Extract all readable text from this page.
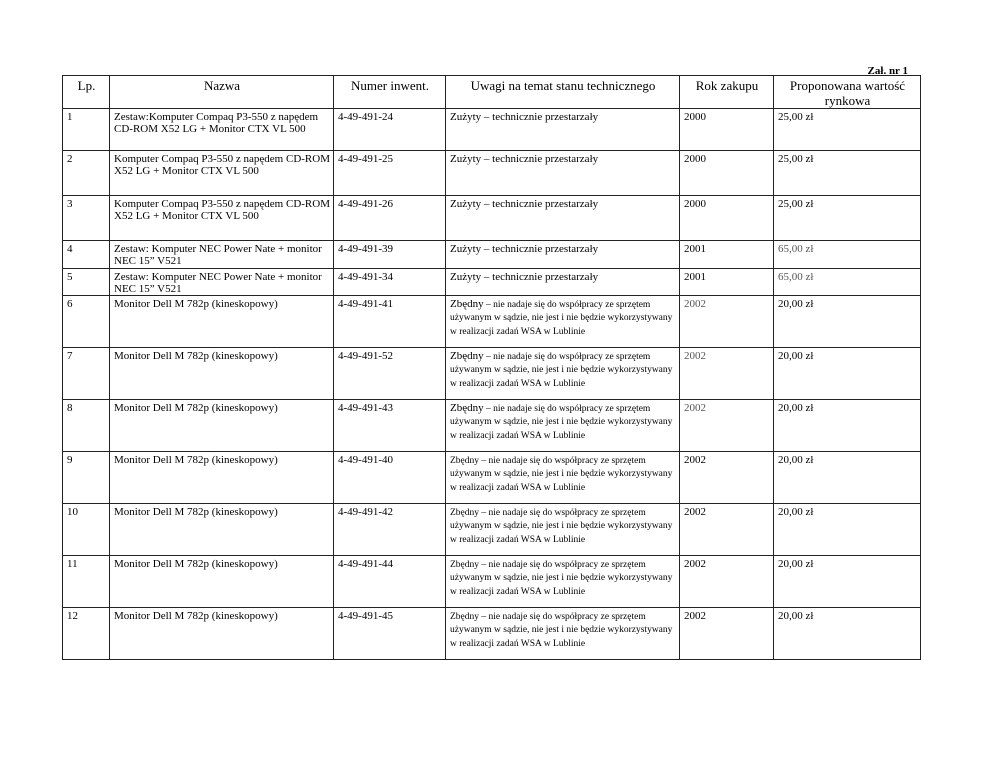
Zał. nr 1
Lp.	Nazwa	Numer inwent.	Uwagi na temat stanu technicznego	Rok zakupu	Proponowana wartość rynkowa
1	Zestaw:Komputer Compaq P3-550 z napędem CD-ROM X52 LG + Monitor CTX VL 500	4-49-491-24	Zużyty – technicznie przestarzały	2000	25,00 zł
2	Komputer Compaq P3-550 z napędem CD-ROM X52 LG + Monitor CTX VL 500	4-49-491-25	Zużyty – technicznie przestarzały	2000	25,00 zł
3	Komputer Compaq P3-550 z napędem CD-ROM X52 LG + Monitor CTX VL 500	4-49-491-26	Zużyty – technicznie przestarzały	2000	25,00 zł
4	Zestaw: Komputer NEC Power Nate + monitor NEC 15” V521	4-49-491-39	Zużyty – technicznie przestarzały	2001	65,00 zł
5	Zestaw: Komputer NEC Power Nate + monitor NEC 15” V521	4-49-491-34	Zużyty – technicznie przestarzały	2001	65,00 zł
6	Monitor Dell M 782p (kineskopowy)	4-49-491-41	Zbędny – nie nadaje się do współpracy ze sprzętem używanym w sądzie, nie jest i nie będzie wykorzystywany w realizacji zadań WSA w Lublinie	2002	20,00 zł
7	Monitor Dell M 782p (kineskopowy)	4-49-491-52	Zbędny – nie nadaje się do współpracy ze sprzętem używanym w sądzie, nie jest i nie będzie wykorzystywany w realizacji zadań WSA w Lublinie	2002	20,00 zł
8	Monitor Dell M 782p (kineskopowy)	4-49-491-43	Zbędny – nie nadaje się do współpracy ze sprzętem używanym w sądzie, nie jest i nie będzie wykorzystywany w realizacji zadań WSA w Lublinie	2002	20,00 zł
9	Monitor Dell M 782p (kineskopowy)	4-49-491-40	Zbędny – nie nadaje się do współpracy ze sprzętem używanym w sądzie, nie jest i nie będzie wykorzystywany w realizacji zadań WSA w Lublinie	2002	20,00 zł
10	Monitor Dell M 782p (kineskopowy)	4-49-491-42	Zbędny – nie nadaje się do współpracy ze sprzętem używanym w sądzie, nie jest i nie będzie wykorzystywany w realizacji zadań WSA w Lublinie	2002	20,00 zł
11	Monitor Dell M 782p (kineskopowy)	4-49-491-44	Zbędny – nie nadaje się do współpracy ze sprzętem używanym w sądzie, nie jest i nie będzie wykorzystywany w realizacji zadań WSA w Lublinie	2002	20,00 zł
12	Monitor Dell M 782p (kineskopowy)	4-49-491-45	Zbędny – nie nadaje się do współpracy ze sprzętem używanym w sądzie, nie jest i nie będzie wykorzystywany w realizacji zadań WSA w Lublinie	2002	20,00 zł
